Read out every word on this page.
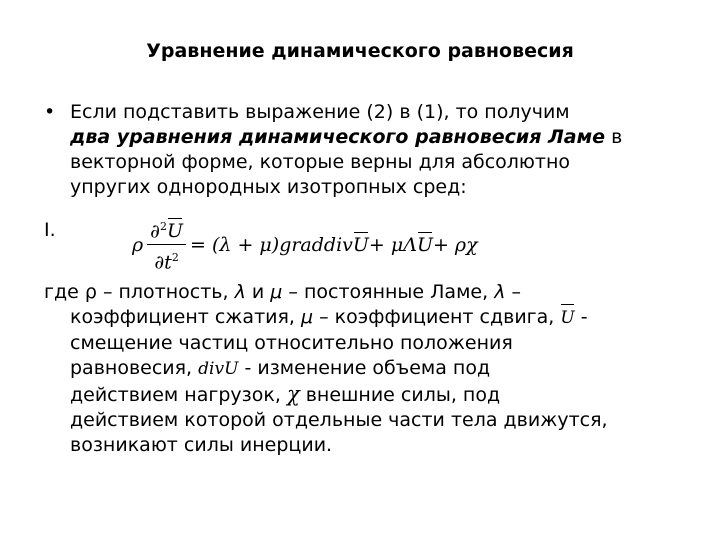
Уравнение динамического равновесия
• Если подставить выражение (2) в (1), то получим
два уравнения динамического равновесия Ламе в
векторной форме, которые верны для абсолютно
упругих однородных изотропных сред:
I.
ρ $\frac{\partial^2U}{\partial t^2} = (\lambda$ + μ)graddiv U + μΛ U + ρ χ
где ρ – плотность, λ и μ – постоянные Ламе, λ –
коэффициент сжатия, μ – коэффициент сдвига, U -
смещение частиц относительно положения
равновесия, divU - изменение объема под
действием нагрузок, χ внешние силы, под
действием которой отдельные части тела движутся,
возникают силы инерции.
